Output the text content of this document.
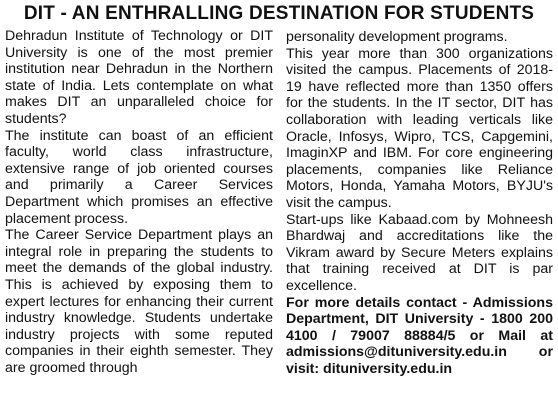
DIT - AN ENTHRALLING DESTINATION FOR STUDENTS

Dehradun Institute of Technology or DIT University is one of the most premier institution near Dehradun in the Northern state of India. Lets contemplate on what makes DIT an unparalleled choice for students?

The institute can boast of an efficient faculty, world class infrastructure, extensive range of job oriented courses and primarily a Career Services Department which promises an effective placement process.

The Career Service Department plays an integral role in preparing the students to meet the demands of the global industry. This is achieved by exposing them to expert lectures for enhancing their current industry knowledge. Students undertake industry projects with some reputed companies in their eighth semester. They are groomed through

personality development programs.

This year more than 300 organizations visited the campus. Placements of 2018-19 have reflected more than 1350 offers for the students. In the IT sector, DIT has collaboration with leading verticals like Oracle, Infosys, Wipro, TCS, Capgemini, ImaginXP and IBM. For core engineering placements, companies like Reliance Motors, Honda, Yamaha Motors, BYJU's visit the campus.

Start-ups like Kabaad.com by Mohneesh Bhardwaj and accreditations like the Vikram award by Secure Meters explains that training received at DIT is par excellence.

For more details contact - Admissions Department, DIT University - 1800 200 4100 / 79007 88884/5 or Mail at admissions@dituniversity.edu.in or visit: dituniversity.edu.in
